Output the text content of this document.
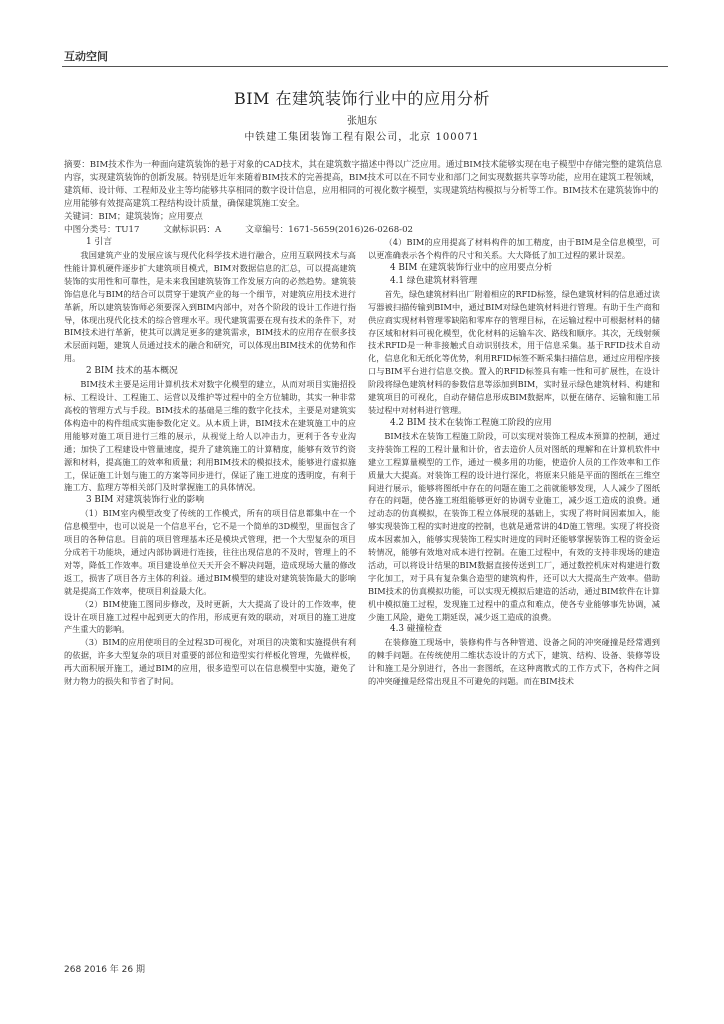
互动空间
BIM 在建筑装饰行业中的应用分析
张旭东
中铁建工集团装饰工程有限公司，北京 100071

摘要：BIM技术作为一种面向建筑装饰的悬于对象的CAD技术，其在建筑数字描述中得以广泛应用。通过BIM技术能够实现在电子模型中存储完整的建筑信息内容，实现建筑装饰的创新发展。特别是近年来随着BIM技术的完善提高，BIM技术可以在不同专业和部门之间实现数据共享等功能，应用在建筑工程领域，建筑师、设计师、工程师及业主等均能够共享相同的数字设计信息，应用相同的可视化数字模型，实现建筑结构模拟与分析等工作。BIM技术在建筑装饰中的应用能够有效提高建筑工程结构设计质量，确保建筑施工安全。

关键词：BIM；建筑装饰；应用要点

中图分类号：TU17	文献标识码：A	文章编号：1671-5659(2016)26-0268-02
1 引言

我国建筑产业的发展应该与现代化科学技术进行融合，应用互联网技术与高性能计算机硬件逐步扩大建筑项目模式，BIM对数据信息的汇总，可以提高建筑装饰的实用性和可靠性，是未来我国建筑装饰工作发展方向的必然趋势。建筑装饰信息化与BIM的结合可以贯穿于建筑产业的每一个细节，对建筑应用技术进行革新，所以建筑装饰师必须要深入到BIM内部中，对各个阶段的设计工作进行指导，体现出现代化技术的综合管理水平。现代建筑需要在现有技术的条件下，对BIM技术进行革新，使其可以满足更多的建筑需求，BIM技术的应用存在很多技术层面问题，建筑人员通过技术的融合和研究，可以体现出BIM技术的优势和作用。

2 BIM 技术的基本概况

BIM技术主要是运用计算机技术对数字化模型的建立，从而对项目实施招投标、工程设计、工程施工、运营以及维护等过程中的全方位辅助，其实一种非常高校的管理方式与手段。BIM技术的基础是三维的数字化技术，主要是对建筑实体构造中的构件组成实施参数化定义。从本质上讲，BIM技术在建筑施工中的应用能够对施工项目进行三维的展示，从视觉上给人以冲击力，更利于各专业沟通；加快了工程建设中管量速度，提升了建筑施工的计算精度，能够有效节约资源和材料，提高施工的效率和质量；利用BIM技术的模拟技术，能够进行虚拟施工，保证施工计划与施工的方案等同步进行，保证了施工进度的透明度，有利于施工方、监理方等相关部门及时掌握施工的具体情况。

3 BIM 对建筑装饰行业的影响

（1）BIM室内模型改变了传统的工作模式，所有的项目信息都集中在一个信息模型中，也可以说是一个信息平台，它不是一个简单的3D模型，里面包含了项目的各种信息。目前的项目管理基本还是模块式管理，把一个大型复杂的项目分成若干功能块，通过内部协调进行连接，往往出现信息的不及时，管理上的不对等，降低工作效率。项目建设单位天天开会不解决问题，造成现场大量的修改返工，损害了项目各方主体的利益。通过BIM模型的建设对建筑装饰最大的影响就是提高工作效率，使项目利益最大化。

（2）BIM使施工图同步修改，及时更新，大大提高了设计的工作效率，使设计在项目施工过程中起到更大的作用，形成更有效的联动，对项目的施工进度产生重大的影响。

（3）BIM的应用使项目的全过程3D可视化，对项目的决策和实施提供有利的依据，许多大型复杂的项目对重要的部位和造型实行样板化管理，先做样板，再大面积展开施工，通过BIM的应用，很多造型可以在信息模型中实施，避免了财力物力的损失和节省了时间。

（4）BIM的应用提高了材料构件的加工精度，由于BIM是全信息模型，可以更准确表示各个构件的尺寸和关系。大大降低了加工过程的累计误差。

4 BIM 在建筑装饰行业中的应用要点分析
4.1 绿色建筑材料管理

首先，绿色建筑材料出厂附着相应的RFID标签，绿色建筑材料的信息通过读写器被扫描传输到BIM中，通过BIM对绿色建筑材料进行管理。有助于生产商和供应商实现材料管理零缺陷和零库存的管理目标，在运输过程中可根据材料的储存区域和材料可视化模型，优化材料的运输车次、路线和顺序。其次，无线射频技术RFID是一种非接触式自动识别技术，用于信息采集。基于RFID技术自动化，信息化和无纸化等优势，利用RFID标签不断采集扫描信息，通过应用程序接口与BIM平台进行信息交换。置入的RFID标签具有唯一性和可扩展性，在设计阶段将绿色建筑材料的参数信息等添加到BIM，实时显示绿色建筑材料、构建和建筑项目的可视化，自动存储信息形成BIM数据库，以便在储存、运输和施工吊装过程中对材料进行管理。

4.2 BIM 技术在装饰工程施工阶段的应用

BIM技术在装饰工程施工阶段，可以实现对装饰工程成本预算的控制，通过支持装饰工程的工程计量和计价，省去造价人员对图纸的理解和在计算机软件中建立工程算量模型的工作，通过一模多用的功能，使造价人员的工作效率和工作质量大大提高。对装饰工程的设计进行深化，将原来只能是平面的图纸在三维空间进行展示，能够将图纸中存在的问题在施工之前就能够发现，人人减少了图纸存在的问题，使各施工班组能够更好的协调专业施工，减少返工造成的浪费。通过动态的仿真模拟，在装饰工程立体展现的基础上，实现了将时间因素加入，能够实现装饰工程的实时进度的控制，也就是通常讲的4D施工管理。实现了将投资成本因素加入，能够实现装饰工程实时进度的同时还能够掌握装饰工程的资金运转情况，能够有效地对成本进行控制。在施工过程中，有效的支持非现场的建造活动，可以将设计结果的BIM数据直接传送到工厂，通过数控机床对构建进行数字化加工，对于具有复杂集合造型的建筑构件，还可以大大提高生产效率。借助BIM技术的仿真模拟功能，可以实现无模拟后建造的活动，通过BIM软件在计算机中模拟施工过程，发现施工过程中的重点和难点，使各专业能够事先协调，减少施工风险，避免工期延误，减少返工造成的浪费。

4.3 碰撞检查

在装修施工现场中，装修构件与各种管道、设备之间的冲突碰撞是经常遇到的棘手问题。在传统使用二维状态设计的方式下，建筑、结构、设备、装修等设计和施工是分别进行，各出一套图纸，在这种离散式的工作方式下，各构件之间的冲突碰撞是经常出现且不可避免的问题。而在BIM技术

268 2016 年 26 期
